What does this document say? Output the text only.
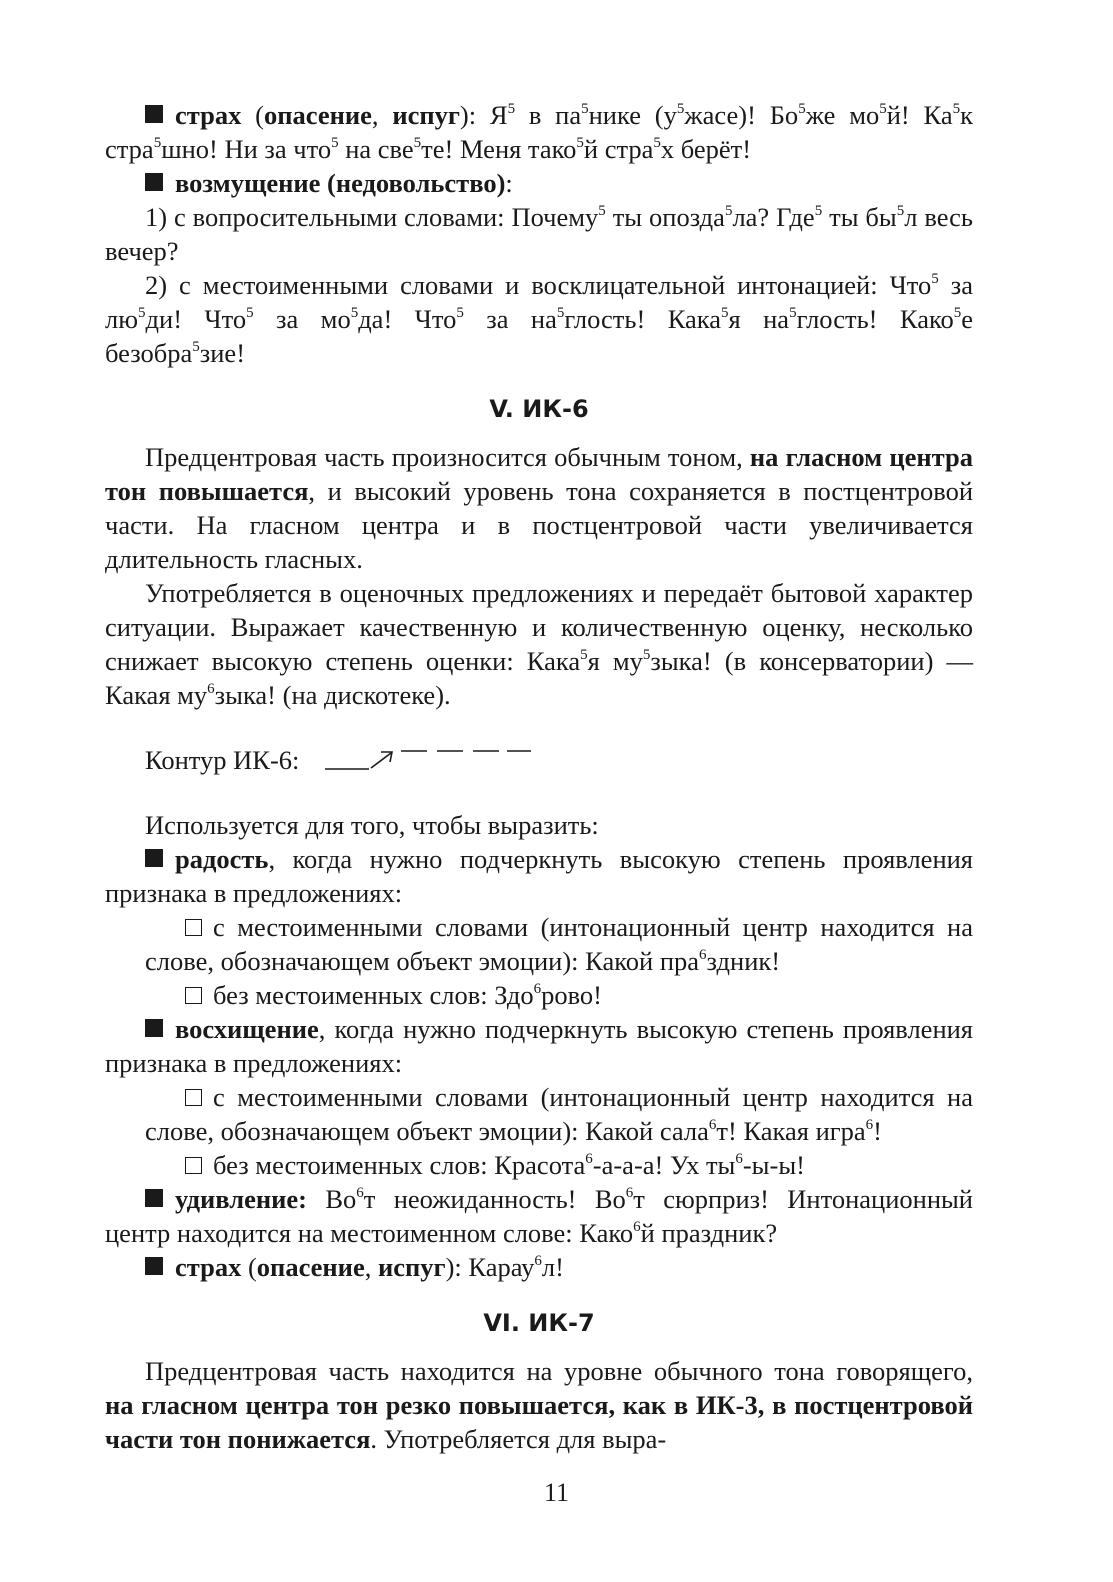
страх (опасение, испуг): $Я^5$ в $па^5нике$ $(у^5жасе)$! $Бо^5же$ $мо^5й$! $Ка^5к$ стра$^5$шно! Ни за что$^5$ на све$^5$те! Меня тако$^5$й стра$^5$х берёт!

возмущение (недовольство):

1) с вопросительными словами: Почему$^5$ ты опозда$^5$ла? Где$^5$ ты $бы^5л$ весь вечер?

2) с местоименными словами и восклицательной интонацией: Что$^5$ за $лю^5ди$! Что$^5$ за $мо^5да$! Что$^5$ за $на^5глость$! Кака$^5$я $на^5глость$! Како$^5$е безобра$^5$зие!

V. ИК-6

Предцентровая часть произносится обычным тоном, на гласном центра тон повышается, и высокий уровень тона сохраняется в постцентровой части. На гласном центра и в постцентровой части увеличивается длительность гласных.

Употребляется в оценочных предложениях и передаёт бытовой характер ситуации. Выражает качественную и количественную оценку, несколько снижает высокую степень оценки: Кака$^5$я $му^5зыка$! (в консерватории) — Какая $му^6зыка$! (на дискотеке).

Контур ИК-6:

Используется для того, чтобы выразить:

радость, когда нужно подчеркнуть высокую степень проявления признака в предложениях:

с местоименными словами (интонационный центр находится на слове, обозначающем объект эмоции): Какой пра$^6$здник!

без местоименных слов: Здо$^6$рово!

восхищение, когда нужно подчеркнуть высокую степень проявления признака в предложениях:

с местоименными словами (интонационный центр находится на слове, обозначающем объект эмоции): Какой сала$^6$т! Какая игра$^6$!

без местоименных слов: Красота$^6$-а-а-а! Ух $ты^6-ы-ы$!

удивление: $Во^6т$ неожиданность! $Во^6т$ сюрприз! Интонационный центр находится на местоименном слове: Како$^6$й праздник?

страх (опасение, испуг): Карау$^6$л!

VI. ИК-7

Предцентровая часть находится на уровне обычного тона говорящего, на гласном центра тон резко повышается, как в ИК-3, в постцентровой части тон понижается. Употребляется для выра-

11
